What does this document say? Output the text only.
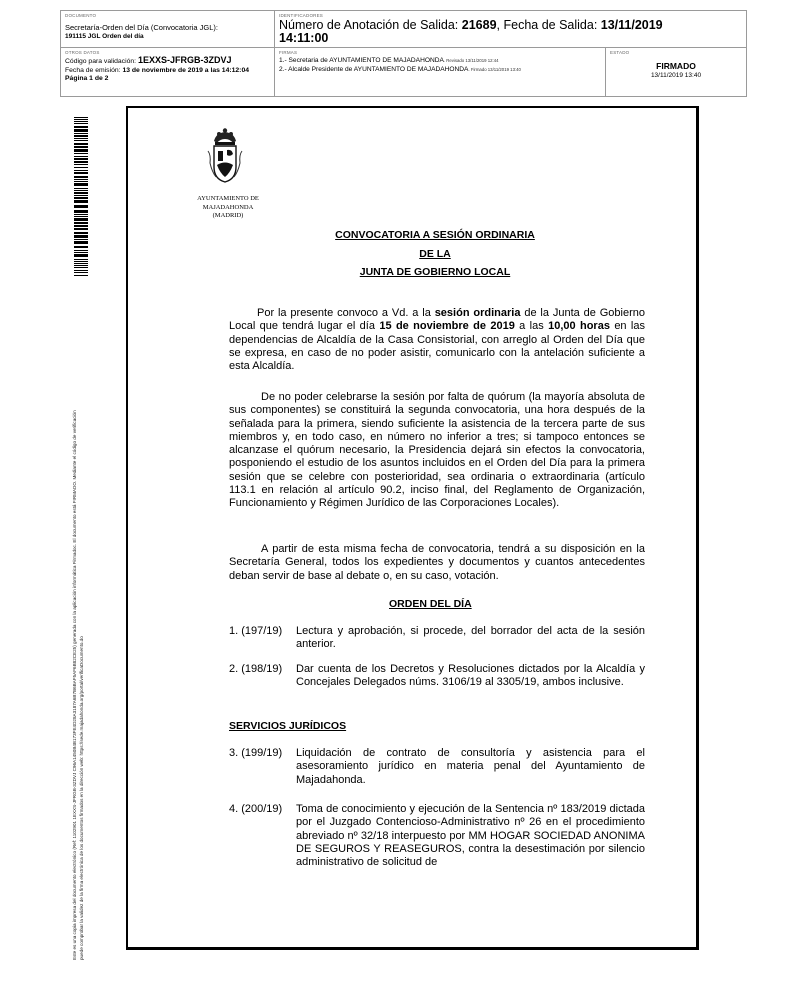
DOCUMENTO
Secretaría-Orden del Día (Convocatoria JGL):
191115 JGL Orden del día
IDENTIFICADORES
Número de Anotación de Salida: 21689, Fecha de Salida: 13/11/2019
14:11:00
OTROS DATOS
Código para validación: 1EXXS-JFRGB-3ZDVJ
Fecha de emisión: 13 de noviembre de 2019 a las 14:12:04
Página 1 de 2
FIRMAS
1.- Secretaria de AYUNTAMIENTO DE MAJADAHONDA. Revisado 13/11/2019 12:44
2.- Alcalde Presidente de AYUNTAMIENTO DE MAJADAHONDA. Firmado 13/11/2019 13:40
ESTADO
FIRMADO
13/11/2019 13:40
Este es una copia impresa del documento electrónico (Ref: 1102901 1EXXS-JFRGB-3ZDVJ C96A1450B4B173FE4D28A3187A6B7B6BAF5AF6B82CE25) generada con la aplicación informática Firmadoc. El documento está FIRMADO. Mediante el código de verificación puede comprobar la validez de la firma electrónica de los documentos firmados en la dirección web: https://sede.majadahonda.org/portal/verificaDocumento.do
AYUNTAMIENTO DE
MAJADAHONDA
(MADRID)
CONVOCATORIA A SESIÓN ORDINARIA
DE LA
JUNTA DE GOBIERNO LOCAL
Por la presente convoco a Vd. a la sesión ordinaria de la Junta de Gobierno Local que tendrá lugar el día 15 de noviembre de 2019 a las 10,00 horas en las dependencias de Alcaldía de la Casa Consistorial, con arreglo al Orden del Día que se expresa, en caso de no poder asistir, comunicarlo con la antelación suficiente a esta Alcaldía.
De no poder celebrarse la sesión por falta de quórum (la mayoría absoluta de sus componentes) se constituirá la segunda convocatoria, una hora después de la señalada para la primera, siendo suficiente la asistencia de la tercera parte de sus miembros y, en todo caso, en número no inferior a tres; si tampoco entonces se alcanzase el quórum necesario, la Presidencia dejará sin efectos la convocatoria, posponiendo el estudio de los asuntos incluidos en el Orden del Día para la primera sesión que se celebre con posterioridad, sea ordinaria o extraordinaria (artículo 113.1 en relación al artículo 90.2, inciso final, del Reglamento de Organización, Funcionamiento y Régimen Jurídico de las Corporaciones Locales).
A partir de esta misma fecha de convocatoria, tendrá a su disposición en la Secretaría General, todos los expedientes y documentos y cuantos antecedentes deban servir de base al debate o, en su caso, votación.
ORDEN DEL DÍA
1. (197/19)	Lectura y aprobación, si procede, del borrador del acta de la sesión anterior.
2. (198/19)	Dar cuenta de los Decretos y Resoluciones dictados por la Alcaldía y Concejales Delegados núms. 3106/19 al 3305/19, ambos inclusive.
SERVICIOS JURÍDICOS
3. (199/19)	Liquidación de contrato de consultoría y asistencia para el asesoramiento jurídico en materia penal del Ayuntamiento de Majadahonda.
4. (200/19)	Toma de conocimiento y ejecución de la Sentencia nº 183/2019 dictada por el Juzgado Contencioso-Administrativo nº 26 en el procedimiento abreviado nº 32/18 interpuesto por MM HOGAR SOCIEDAD ANONIMA DE SEGUROS Y REASEGUROS, contra la desestimación por silencio administrativo de solicitud de
